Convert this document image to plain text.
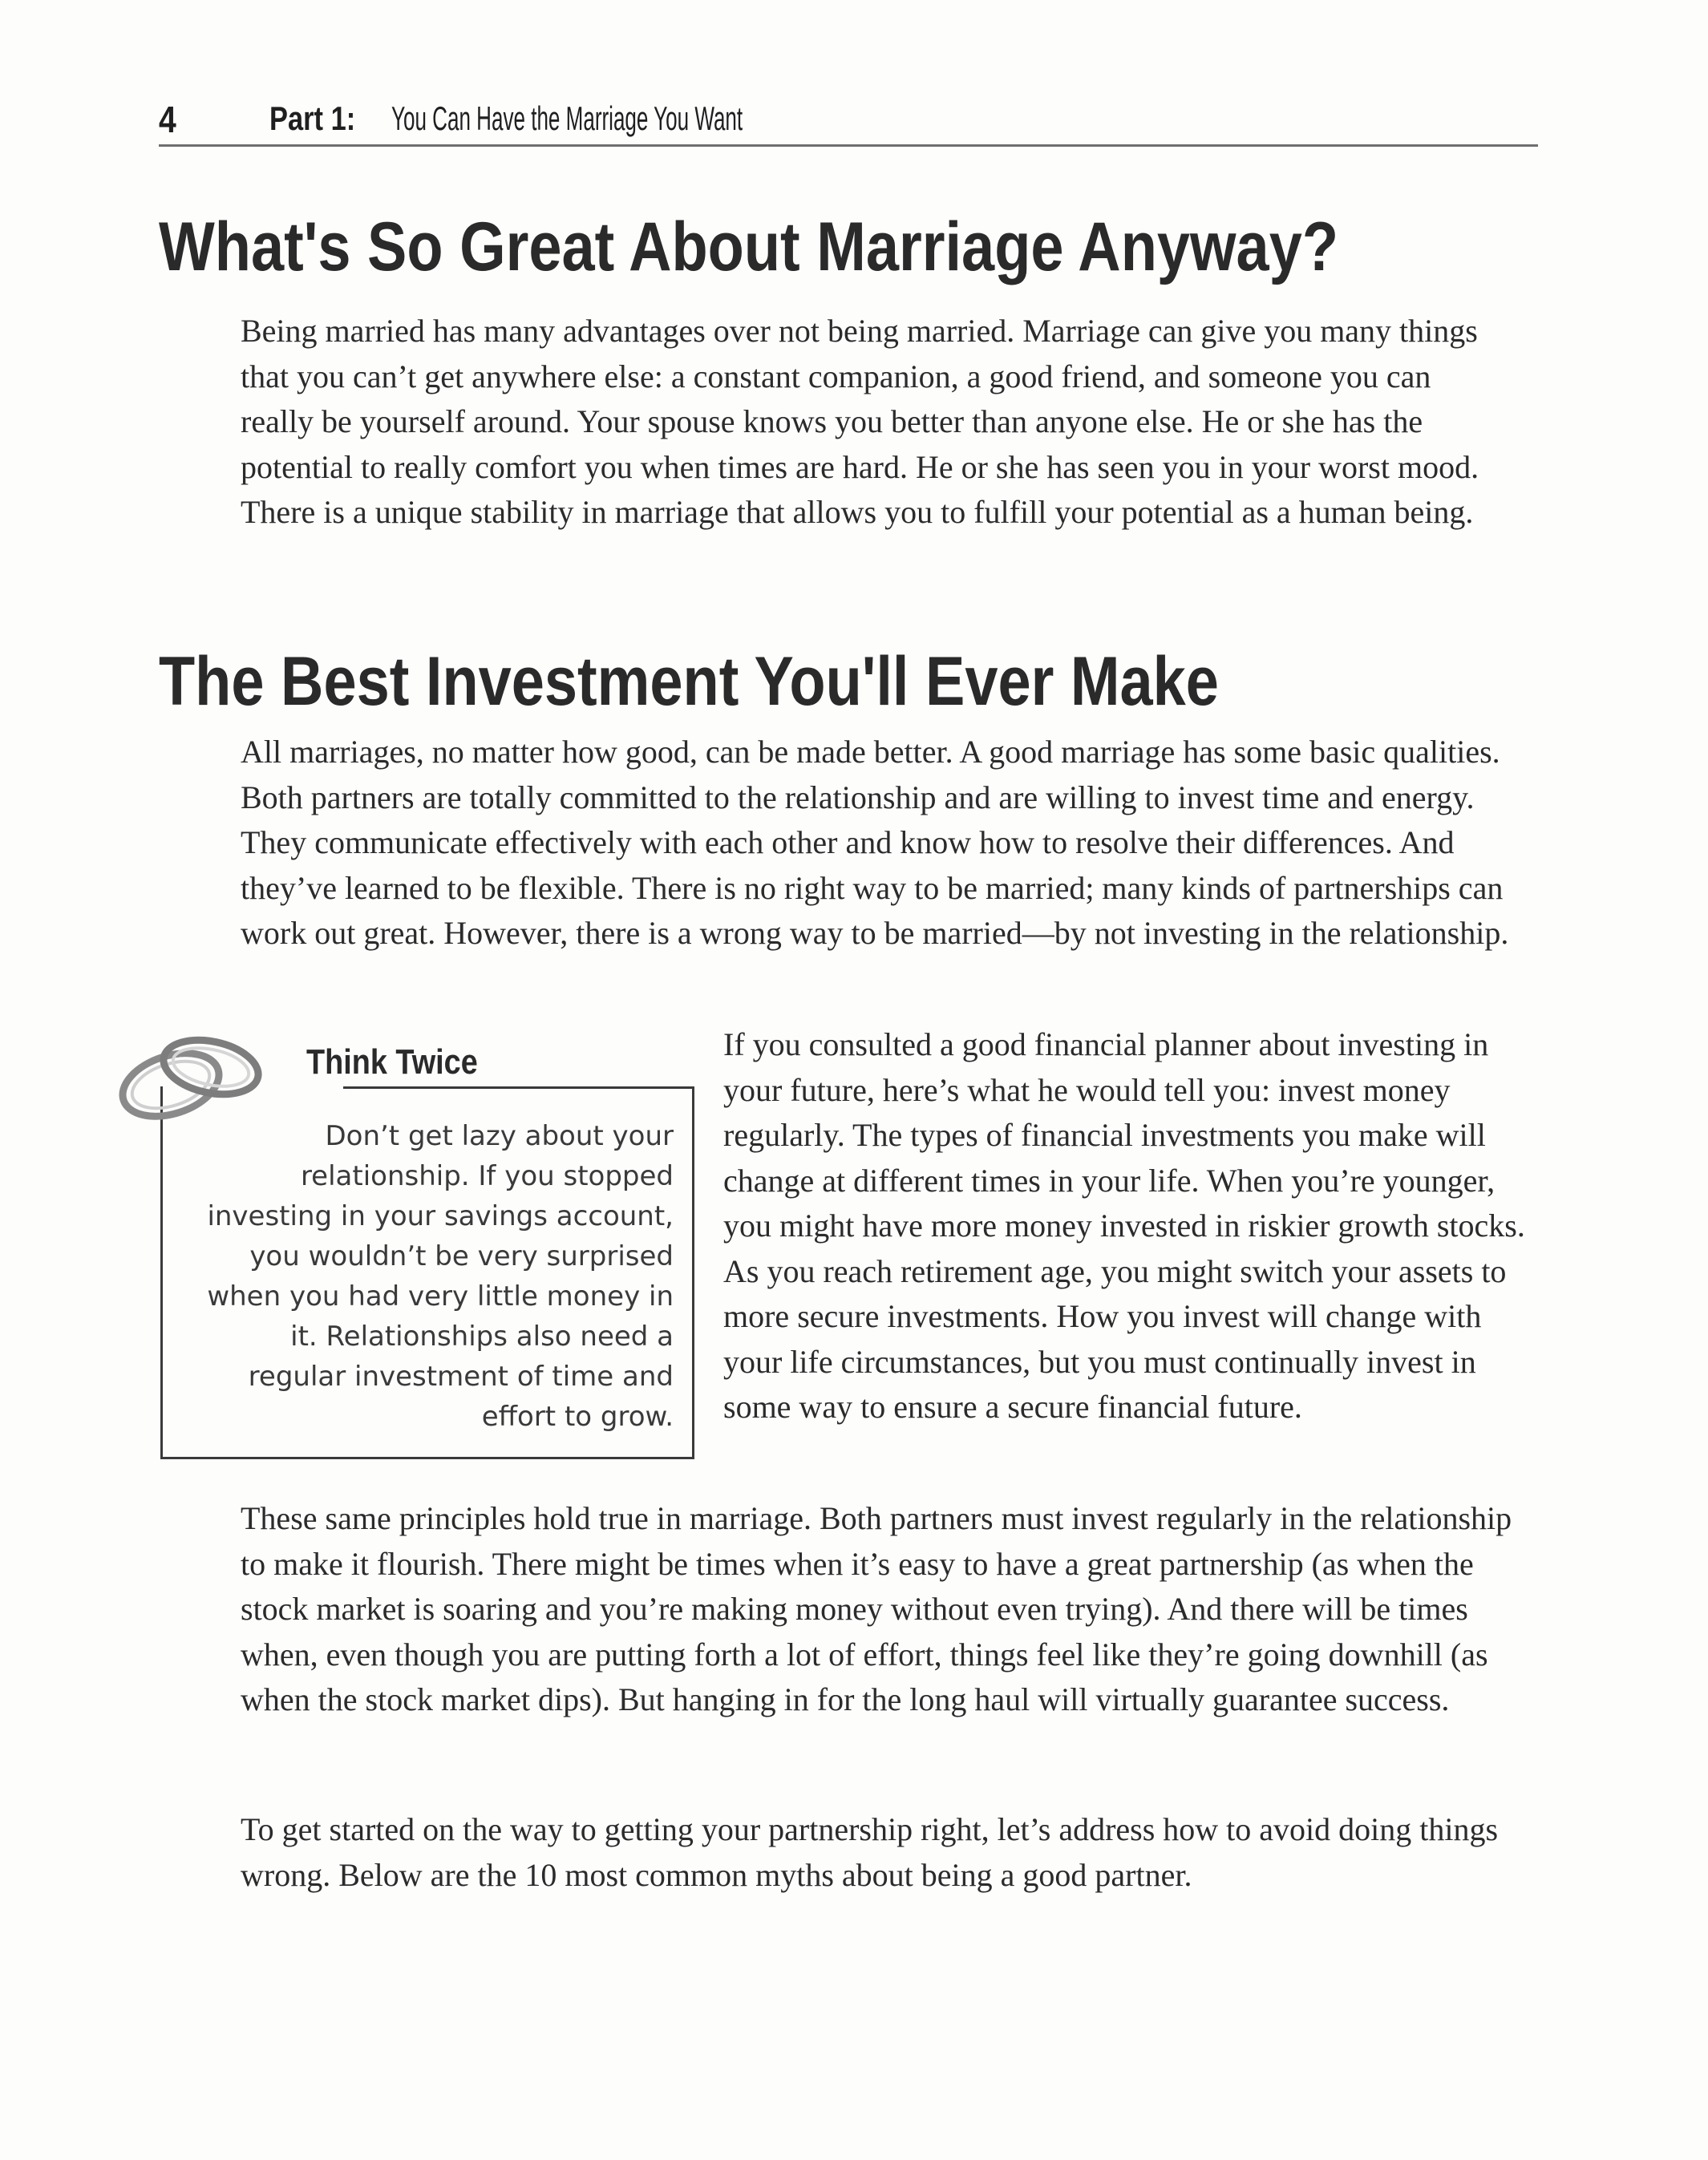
4	Part 1: You Can Have the Marriage You Want
What's So Great About Marriage Anyway?

Being married has many advantages over not being married. Marriage can give you many things that you can’t get anywhere else: a constant companion, a good friend, and someone you can really be yourself around. Your spouse knows you better than anyone else. He or she has the potential to really comfort you when times are hard. He or she has seen you in your worst mood. There is a unique stability in marriage that allows you to fulfill your potential as a human being.

The Best Investment You'll Ever Make

All marriages, no matter how good, can be made better. A good marriage has some basic qualities. Both partners are totally committed to the relationship and are willing to invest time and energy. They communicate effectively with each other and know how to resolve their differences. And they’ve learned to be flexible. There is no right way to be married; many kinds of partnerships can work out great. However, there is a wrong way to be married—by not investing in the relationship.

Think Twice

Don’t get lazy about your relationship. If you stopped investing in your savings account, you wouldn’t be very surprised when you had very little money in it. Relationships also need a regular investment of time and effort to grow.

If you consulted a good financial planner about investing in your future, here’s what he would tell you: invest money regularly. The types of financial investments you make will change at different times in your life. When you’re younger, you might have more money invested in riskier growth stocks. As you reach retirement age, you might switch your assets to more secure investments. How you invest will change with your life circumstances, but you must continually invest in some way to ensure a secure financial future.

These same principles hold true in marriage. Both partners must invest regularly in the relationship to make it flourish. There might be times when it’s easy to have a great partnership (as when the stock market is soaring and you’re making money without even trying). And there will be times when, even though you are putting forth a lot of effort, things feel like they’re going downhill (as when the stock market dips). But hanging in for the long haul will virtually guarantee success.

To get started on the way to getting your partnership right, let’s address how to avoid doing things wrong. Below are the 10 most common myths about being a good partner.
